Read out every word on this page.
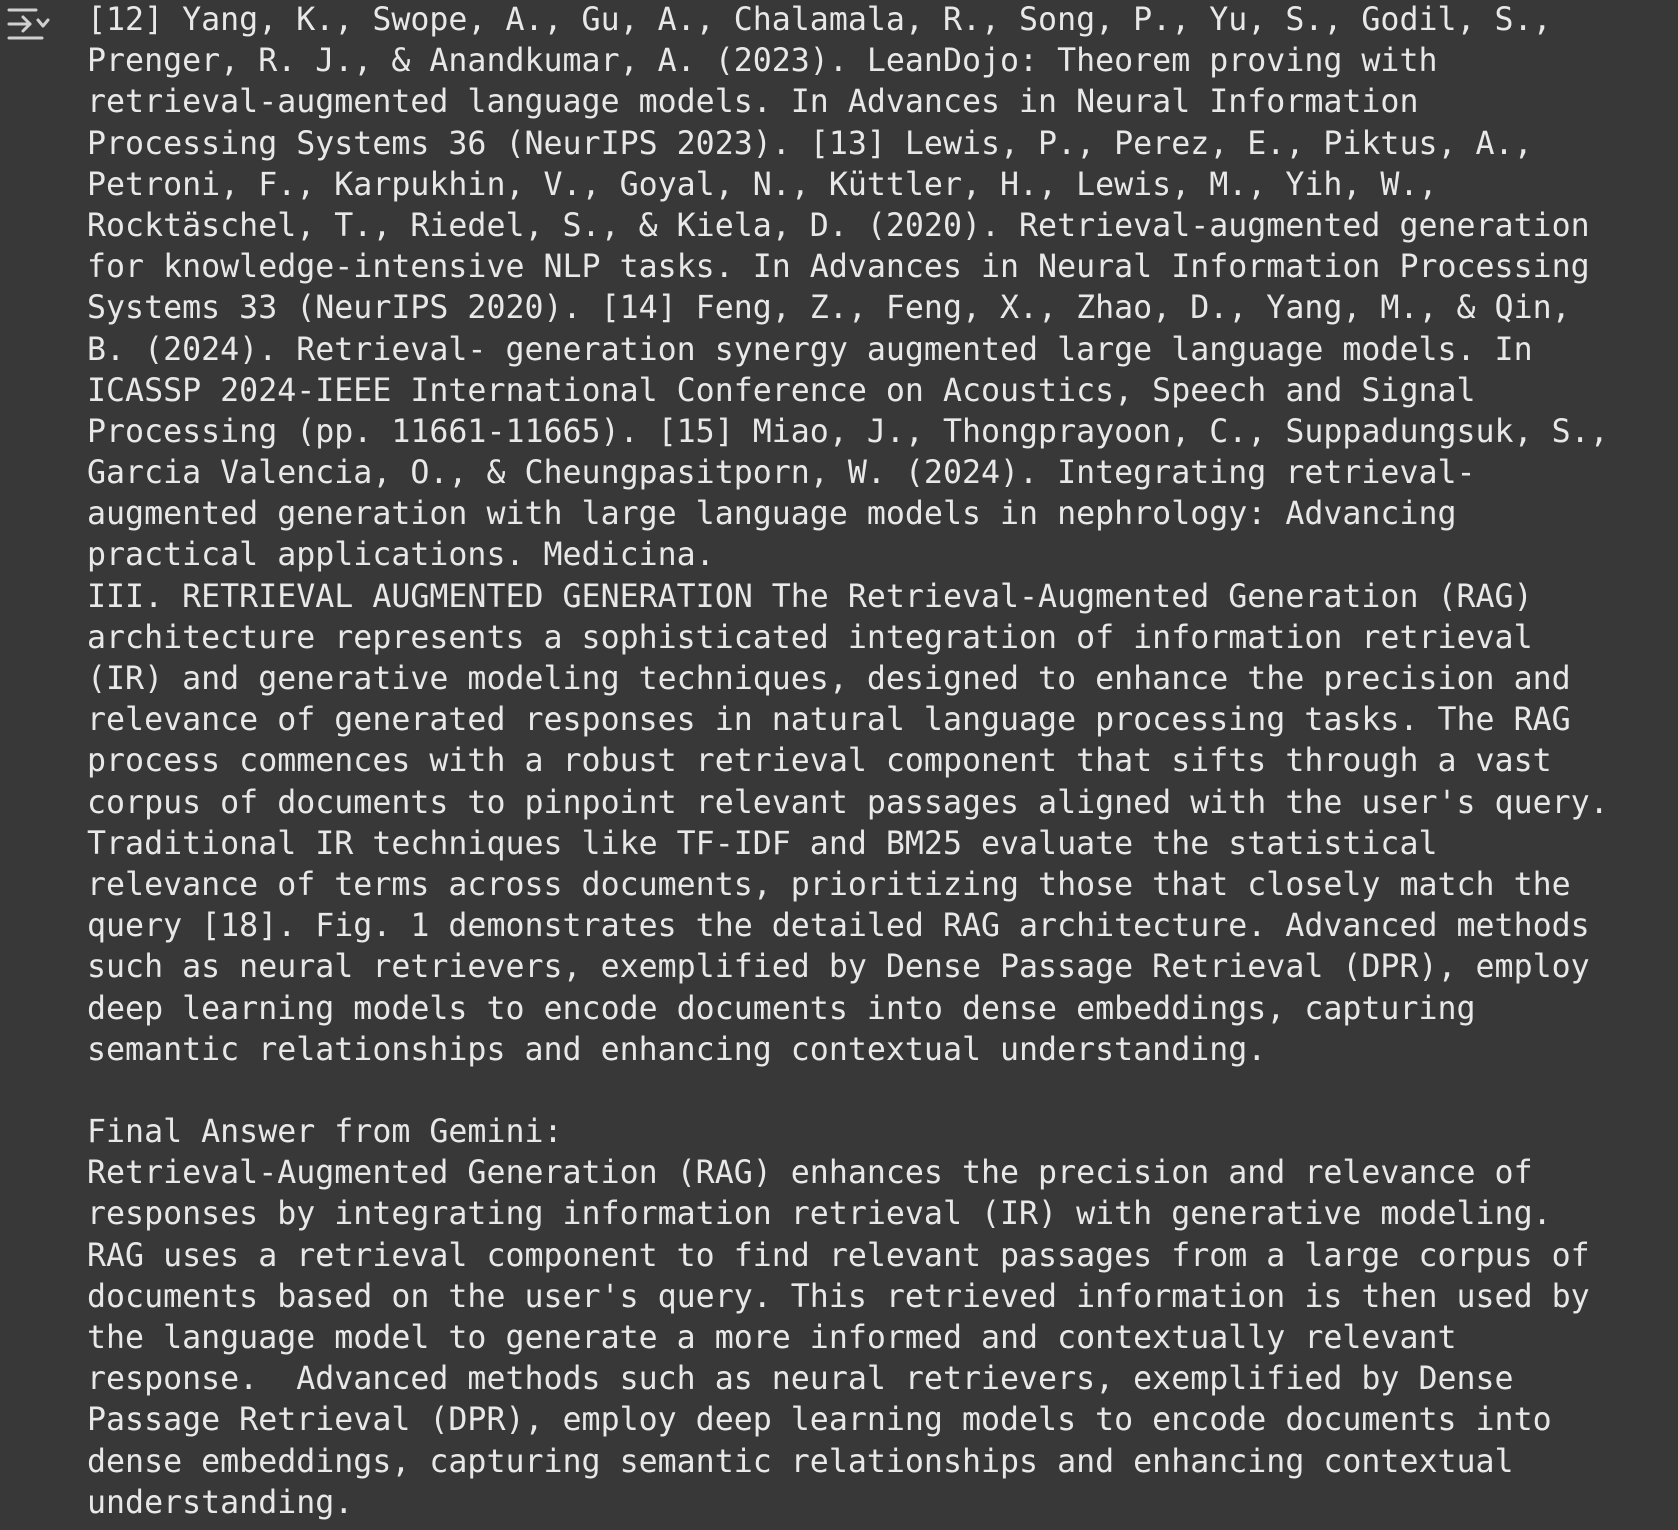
[12] Yang, K., Swope, A., Gu, A., Chalamala, R., Song, P., Yu, S., Godil, S.,
Prenger, R. J., & Anandkumar, A. (2023). LeanDojo: Theorem proving with
retrieval-augmented language models. In Advances in Neural Information
Processing Systems 36 (NeurIPS 2023). [13] Lewis, P., Perez, E., Piktus, A.,
Petroni, F., Karpukhin, V., Goyal, N., Küttler, H., Lewis, M., Yih, W.,
Rocktäschel, T., Riedel, S., & Kiela, D. (2020). Retrieval-augmented generation
for knowledge-intensive NLP tasks. In Advances in Neural Information Processing
Systems 33 (NeurIPS 2020). [14] Feng, Z., Feng, X., Zhao, D., Yang, M., & Qin,
B. (2024). Retrieval- generation synergy augmented large language models. In
ICASSP 2024-IEEE International Conference on Acoustics, Speech and Signal
Processing (pp. 11661-11665). [15] Miao, J., Thongprayoon, C., Suppadungsuk, S.,
Garcia Valencia, O., & Cheungpasitporn, W. (2024). Integrating retrieval-
augmented generation with large language models in nephrology: Advancing
practical applications. Medicina.
III. RETRIEVAL AUGMENTED GENERATION The Retrieval-Augmented Generation (RAG)
architecture represents a sophisticated integration of information retrieval
(IR) and generative modeling techniques, designed to enhance the precision and
relevance of generated responses in natural language processing tasks. The RAG
process commences with a robust retrieval component that sifts through a vast
corpus of documents to pinpoint relevant passages aligned with the user's query.
Traditional IR techniques like TF-IDF and BM25 evaluate the statistical
relevance of terms across documents, prioritizing those that closely match the
query [18]. Fig. 1 demonstrates the detailed RAG architecture. Advanced methods
such as neural retrievers, exemplified by Dense Passage Retrieval (DPR), employ
deep learning models to encode documents into dense embeddings, capturing
semantic relationships and enhancing contextual understanding.
Final Answer from Gemini:
Retrieval-Augmented Generation (RAG) enhances the precision and relevance of
responses by integrating information retrieval (IR) with generative modeling.
RAG uses a retrieval component to find relevant passages from a large corpus of
documents based on the user's query. This retrieved information is then used by
the language model to generate a more informed and contextually relevant
response.  Advanced methods such as neural retrievers, exemplified by Dense
Passage Retrieval (DPR), employ deep learning models to encode documents into
dense embeddings, capturing semantic relationships and enhancing contextual
understanding.
